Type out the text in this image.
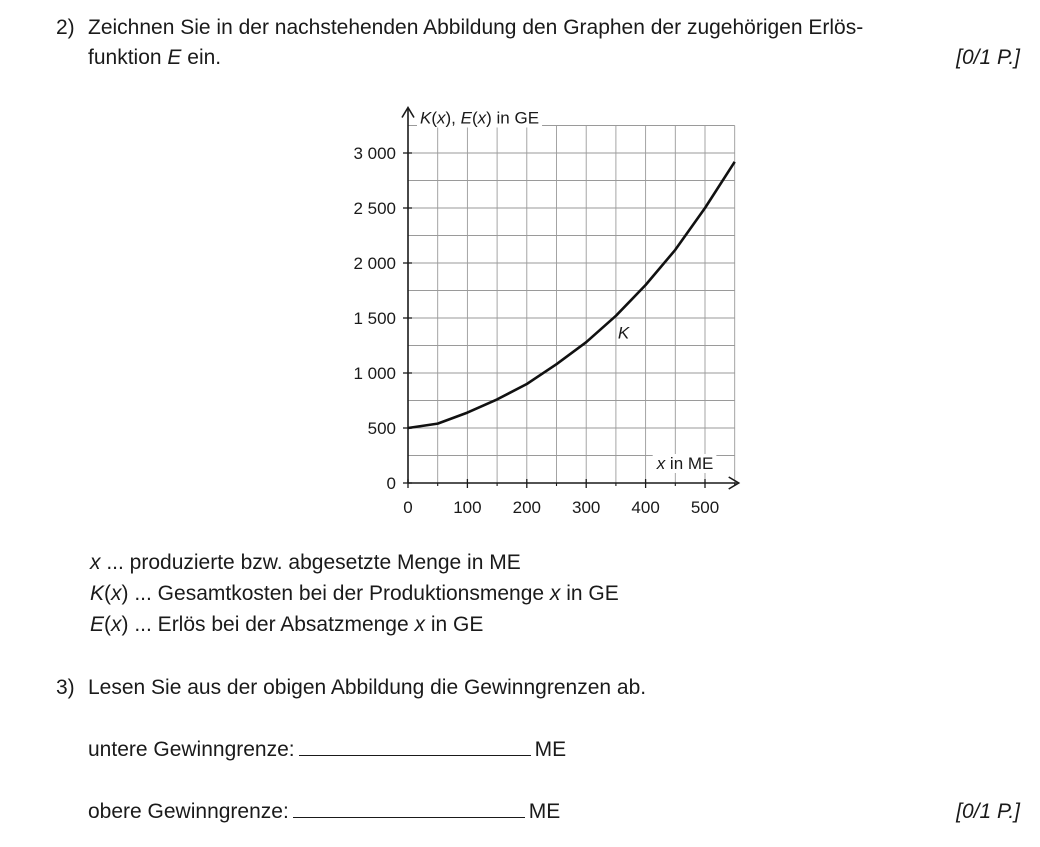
2) Zeichnen Sie in der nachstehenden Abbildung den Graphen der zugehörigen Erlös-
funktion E ein.	[0/1 P.]
0 100 200 300 400 500
0
500
1 000
1 500
2 000
2 500
3 000
K(x), E(x) in GE
x in ME
K
x ... produzierte bzw. abgesetzte Menge in ME
K(x) ... Gesamtkosten bei der Produktionsmenge x in GE
E(x) ... Erlös bei der Absatzmenge x in GE
3) Lesen Sie aus der obigen Abbildung die Gewinngrenzen ab.
untere Gewinngrenze:	ME
obere Gewinngrenze:	ME	[0/1 P.]
